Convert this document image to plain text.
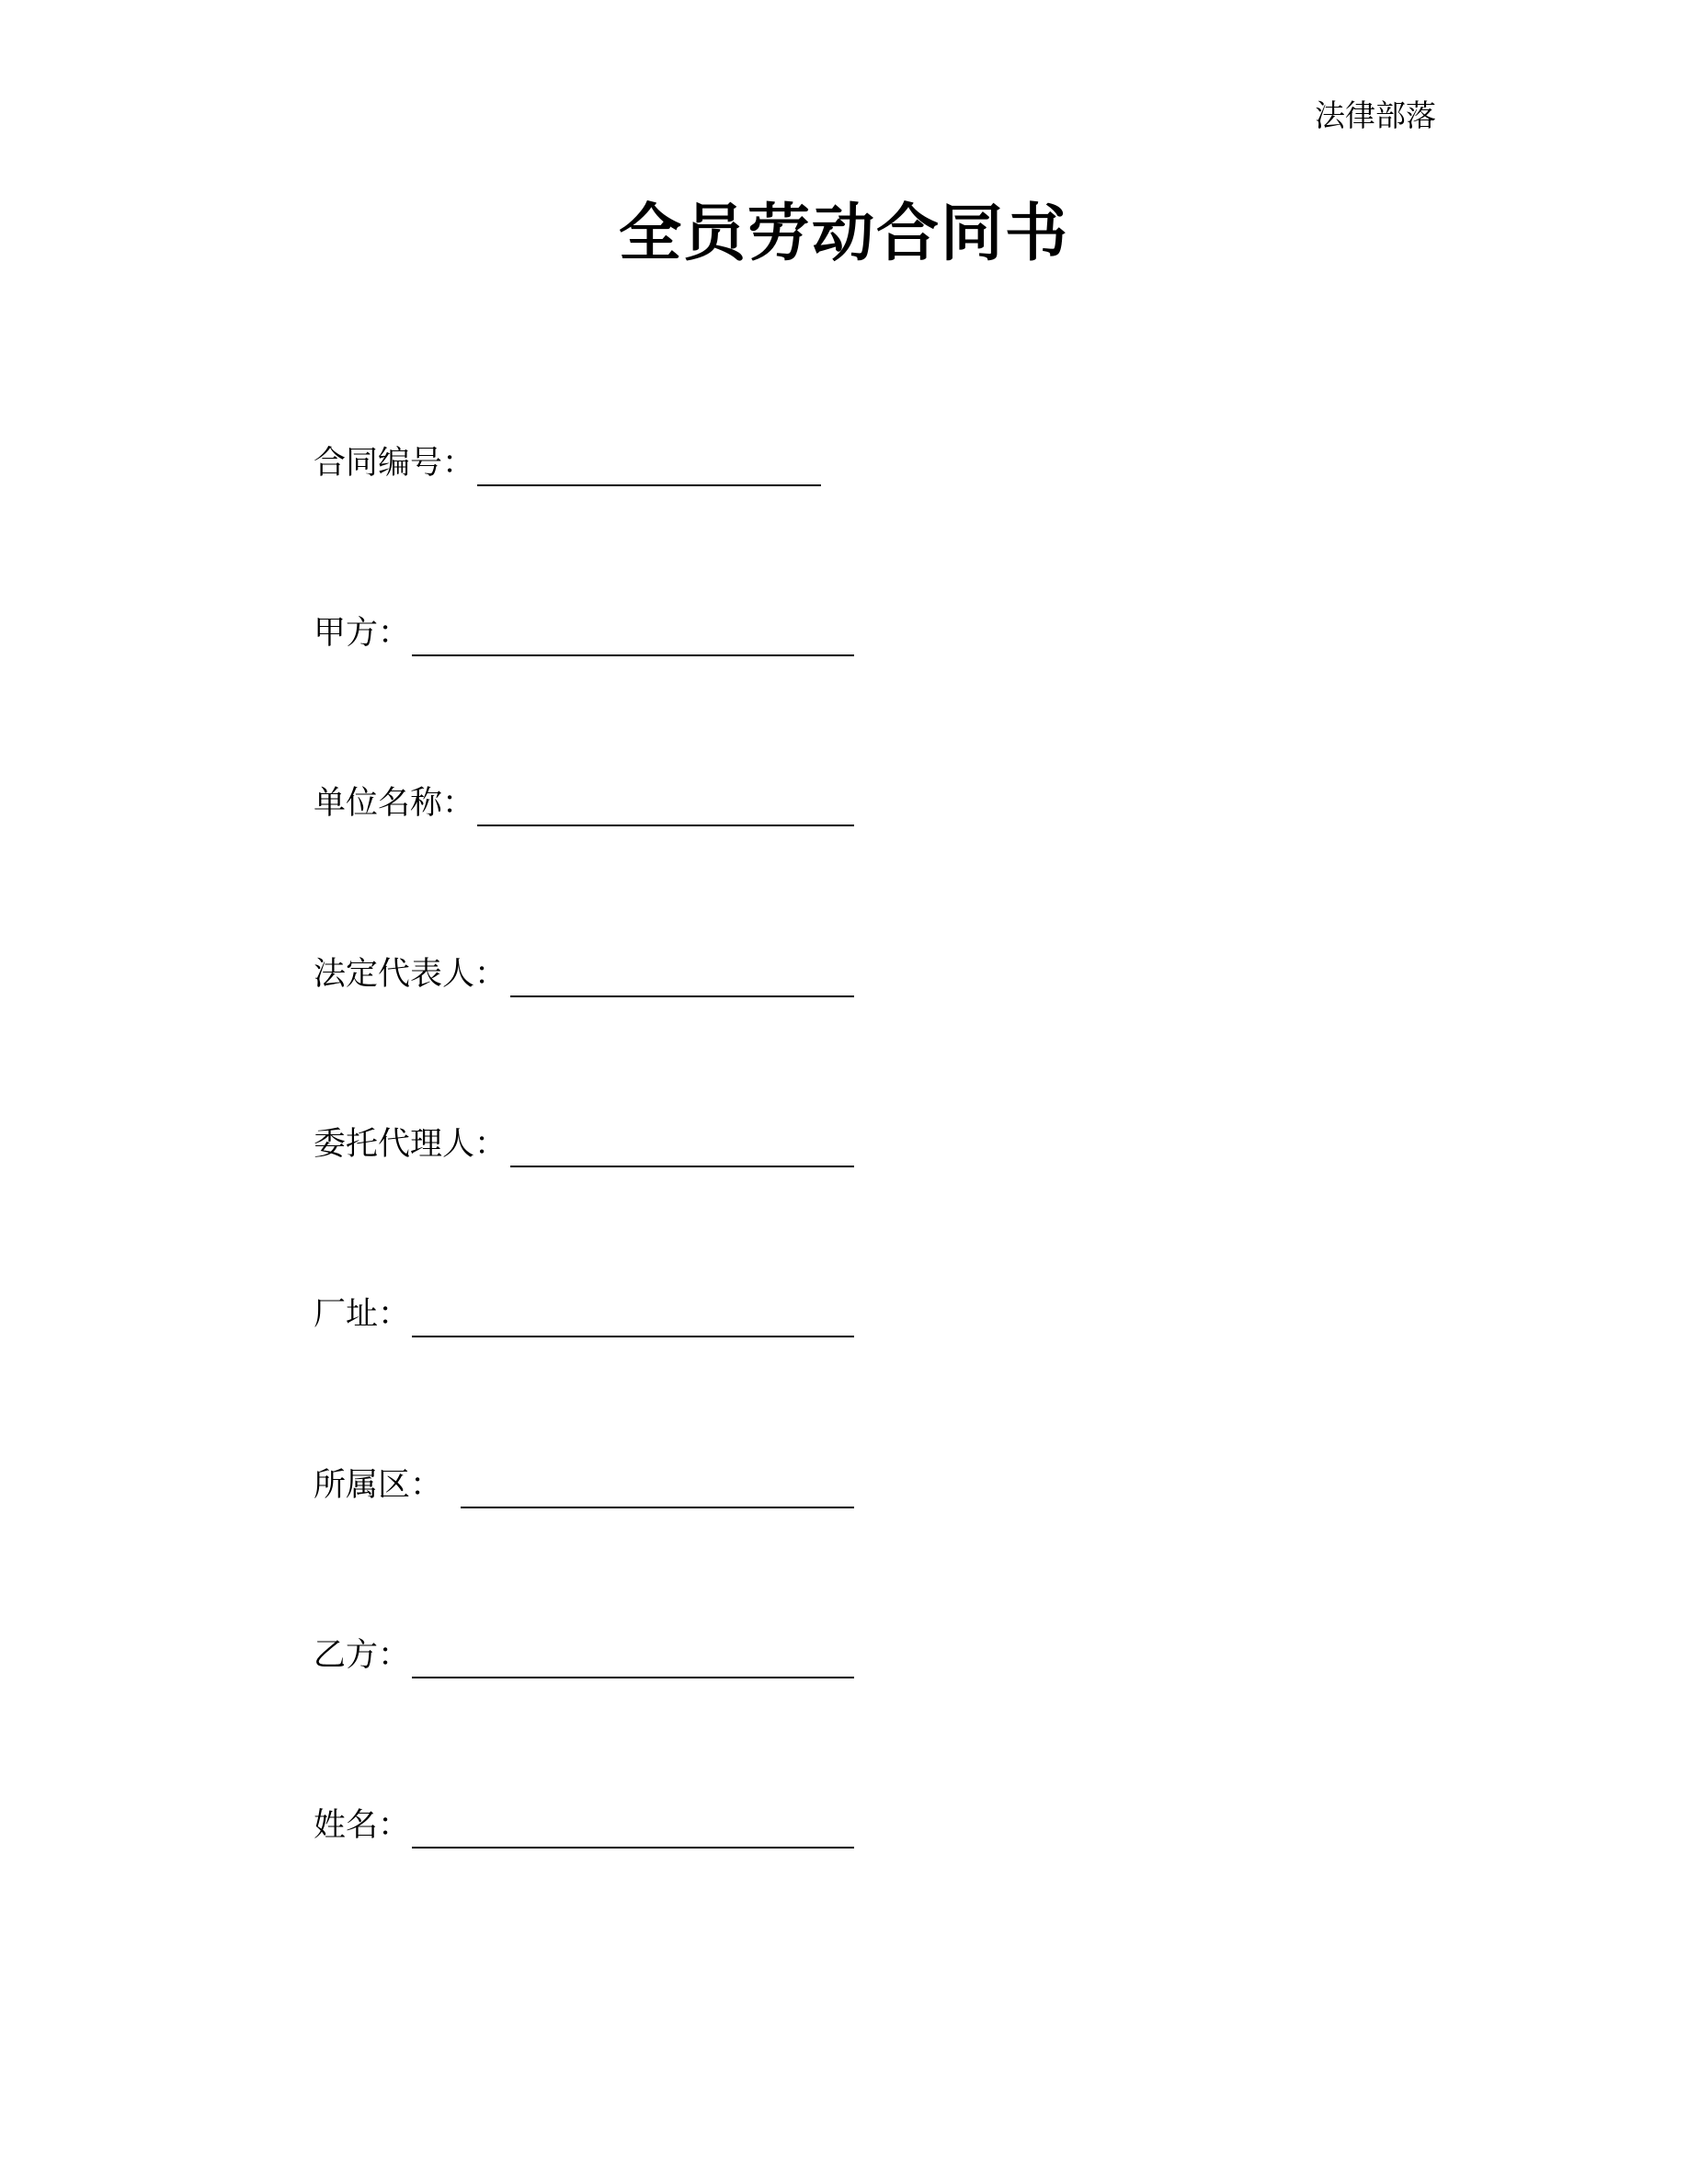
法律部落
全员劳动合同书
合同编号：
甲方：
单位名称：
法定代表人：
委托代理人：
厂址：
所属区：
乙方：
姓名：
